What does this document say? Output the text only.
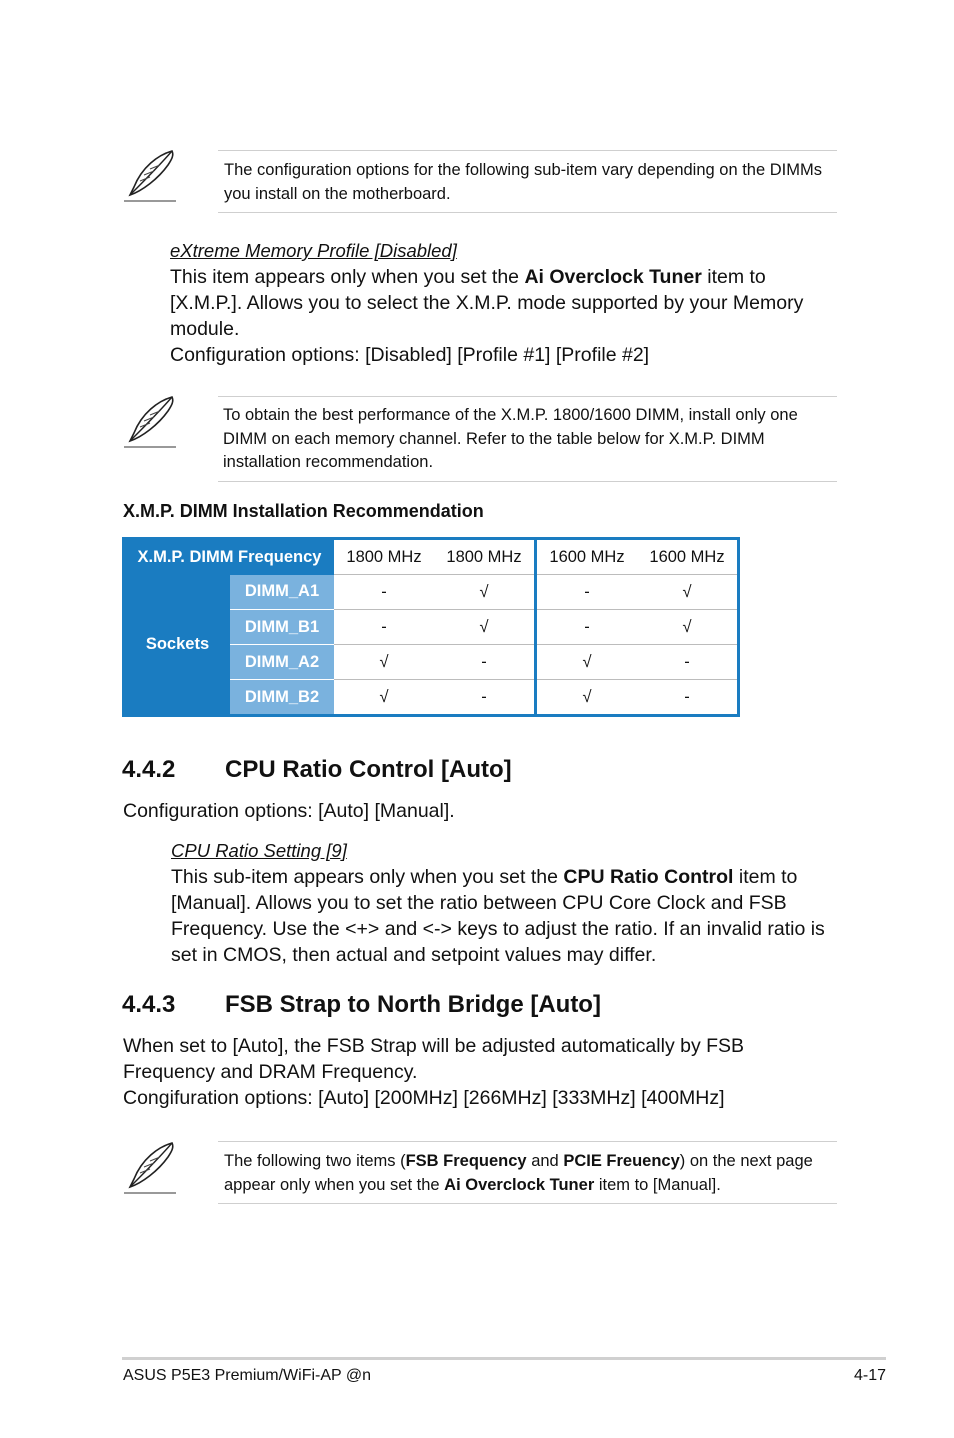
The configuration options for the following sub-item vary depending on the DIMMs you install on the motherboard.
eXtreme Memory Profile [Disabled]
This item appears only when you set the Ai Overclock Tuner item to [X.M.P.]. Allows you to select the X.M.P. mode supported by your Memory module.
Configuration options: [Disabled] [Profile #1] [Profile #2]
To obtain the best performance of the X.M.P. 1800/1600 DIMM, install only one DIMM on each memory channel. Refer to the table below for X.M.P. DIMM installation recommendation.
X.M.P. DIMM Installation Recommendation
X.M.P. DIMM Frequency		1800 MHz	1800 MHz	1600 MHz	1600 MHz
Sockets	DIMM_A1	-	√	-	√
	DIMM_B1	-	√	-	√
	DIMM_A2	√	-	√	-
	DIMM_B2	√	-	√	-
4.4.2 CPU Ratio Control [Auto]
Configuration options: [Auto] [Manual].
CPU Ratio Setting [9]
This sub-item appears only when you set the CPU Ratio Control item to [Manual]. Allows you to set the ratio between CPU Core Clock and FSB Frequency. Use the <+> and <-> keys to adjust the ratio. If an invalid ratio is set in CMOS, then actual and setpoint values may differ.
4.4.3 FSB Strap to North Bridge [Auto]
When set to [Auto], the FSB Strap will be adjusted automatically by FSB Frequency and DRAM Frequency.
Congifuration options: [Auto] [200MHz] [266MHz] [333MHz] [400MHz]
The following two items (FSB Frequency and PCIE Freuency) on the next page appear only when you set the Ai Overclock Tuner item to [Manual].
ASUS P5E3 Premium/WiFi-AP @n	4-17
